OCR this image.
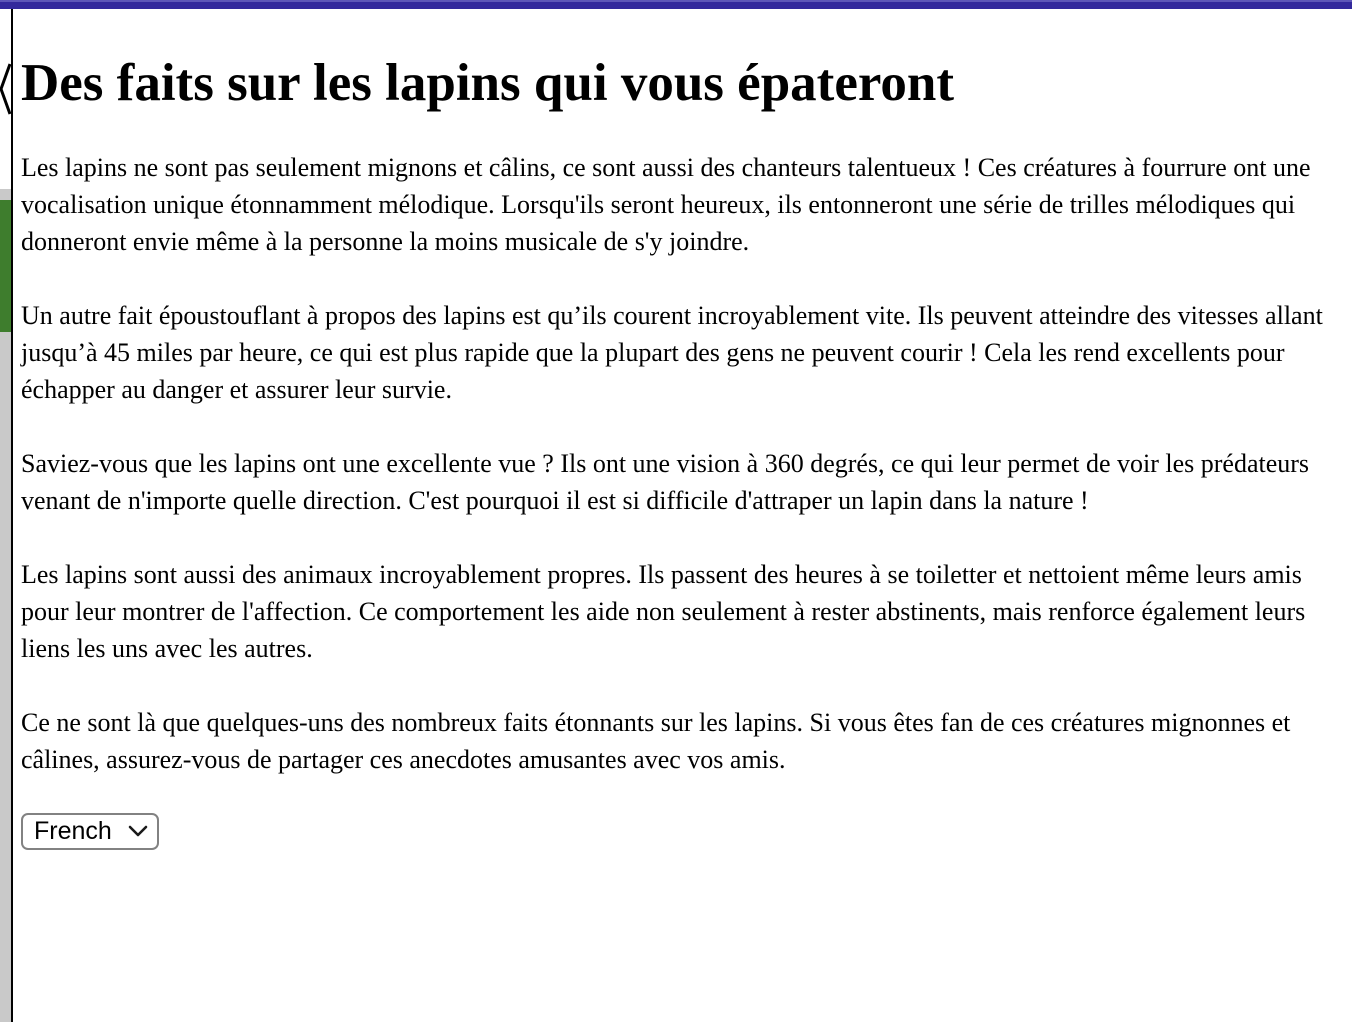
Des faits sur les lapins qui vous épateront

Les lapins ne sont pas seulement mignons et câlins, ce sont aussi des chanteurs talentueux ! Ces créatures à fourrure ont une vocalisation unique étonnamment mélodique. Lorsqu'ils seront heureux, ils entonneront une série de trilles mélodiques qui donneront envie même à la personne la moins musicale de s'y joindre.

Un autre fait époustouflant à propos des lapins est qu’ils courent incroyablement vite. Ils peuvent atteindre des vitesses allant jusqu’à 45 miles par heure, ce qui est plus rapide que la plupart des gens ne peuvent courir ! Cela les rend excellents pour échapper au danger et assurer leur survie.

Saviez-vous que les lapins ont une excellente vue ? Ils ont une vision à 360 degrés, ce qui leur permet de voir les prédateurs venant de n'importe quelle direction. C'est pourquoi il est si difficile d'attraper un lapin dans la nature !

Les lapins sont aussi des animaux incroyablement propres. Ils passent des heures à se toiletter et nettoient même leurs amis pour leur montrer de l'affection. Ce comportement les aide non seulement à rester abstinents, mais renforce également leurs liens les uns avec les autres.

Ce ne sont là que quelques-uns des nombreux faits étonnants sur les lapins. Si vous êtes fan de ces créatures mignonnes et câlines, assurez-vous de partager ces anecdotes amusantes avec vos amis.

French
